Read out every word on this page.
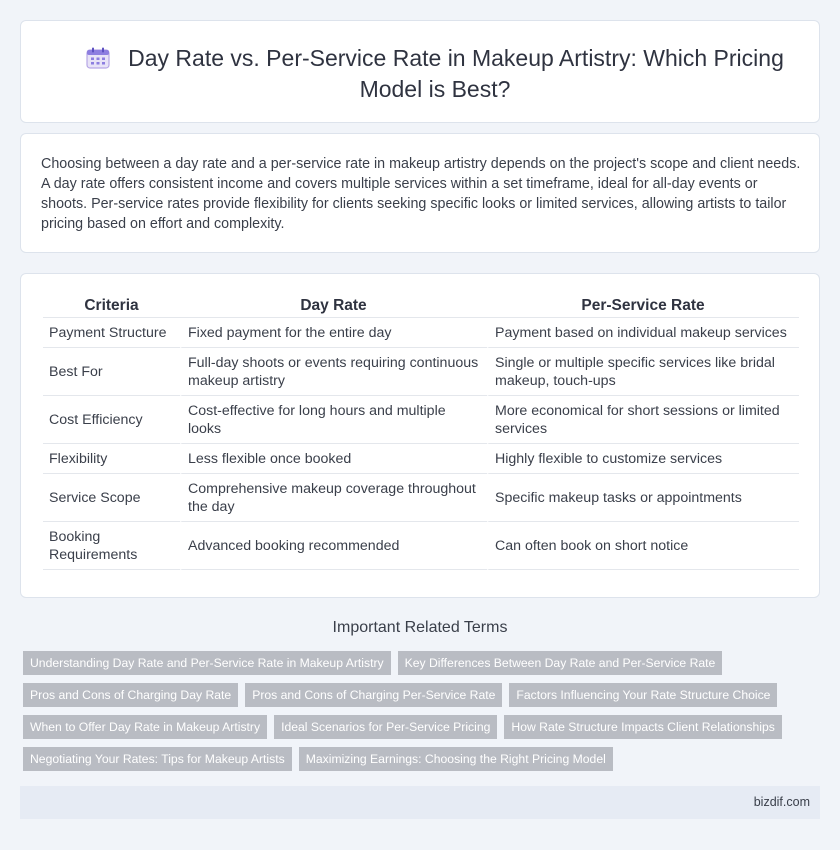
Day Rate vs. Per-Service Rate in Makeup Artistry: Which Pricing Model is Best?

Choosing between a day rate and a per-service rate in makeup artistry depends on the project's scope and client needs. A day rate offers consistent income and covers multiple services within a set timeframe, ideal for all-day events or shoots. Per-service rates provide flexibility for clients seeking specific looks or limited services, allowing artists to tailor pricing based on effort and complexity.

Criteria	Day Rate	Per-Service Rate
Payment Structure	Fixed payment for the entire day	Payment based on individual makeup services
Best For	Full-day shoots or events requiring continuous makeup artistry	Single or multiple specific services like bridal makeup, touch-ups
Cost Efficiency	Cost-effective for long hours and multiple looks	More economical for short sessions or limited services
Flexibility	Less flexible once booked	Highly flexible to customize services
Service Scope	Comprehensive makeup coverage throughout the day	Specific makeup tasks or appointments
Booking Requirements	Advanced booking recommended	Can often book on short notice
Important Related Terms
Understanding Day Rate and Per-Service Rate in Makeup Artistry	Key Differences Between Day Rate and Per-Service Rate
Pros and Cons of Charging Day Rate	Pros and Cons of Charging Per-Service Rate	Factors Influencing Your Rate Structure Choice
When to Offer Day Rate in Makeup Artistry	Ideal Scenarios for Per-Service Pricing	How Rate Structure Impacts Client Relationships
Negotiating Your Rates: Tips for Makeup Artists	Maximizing Earnings: Choosing the Right Pricing Model
bizdif.com
